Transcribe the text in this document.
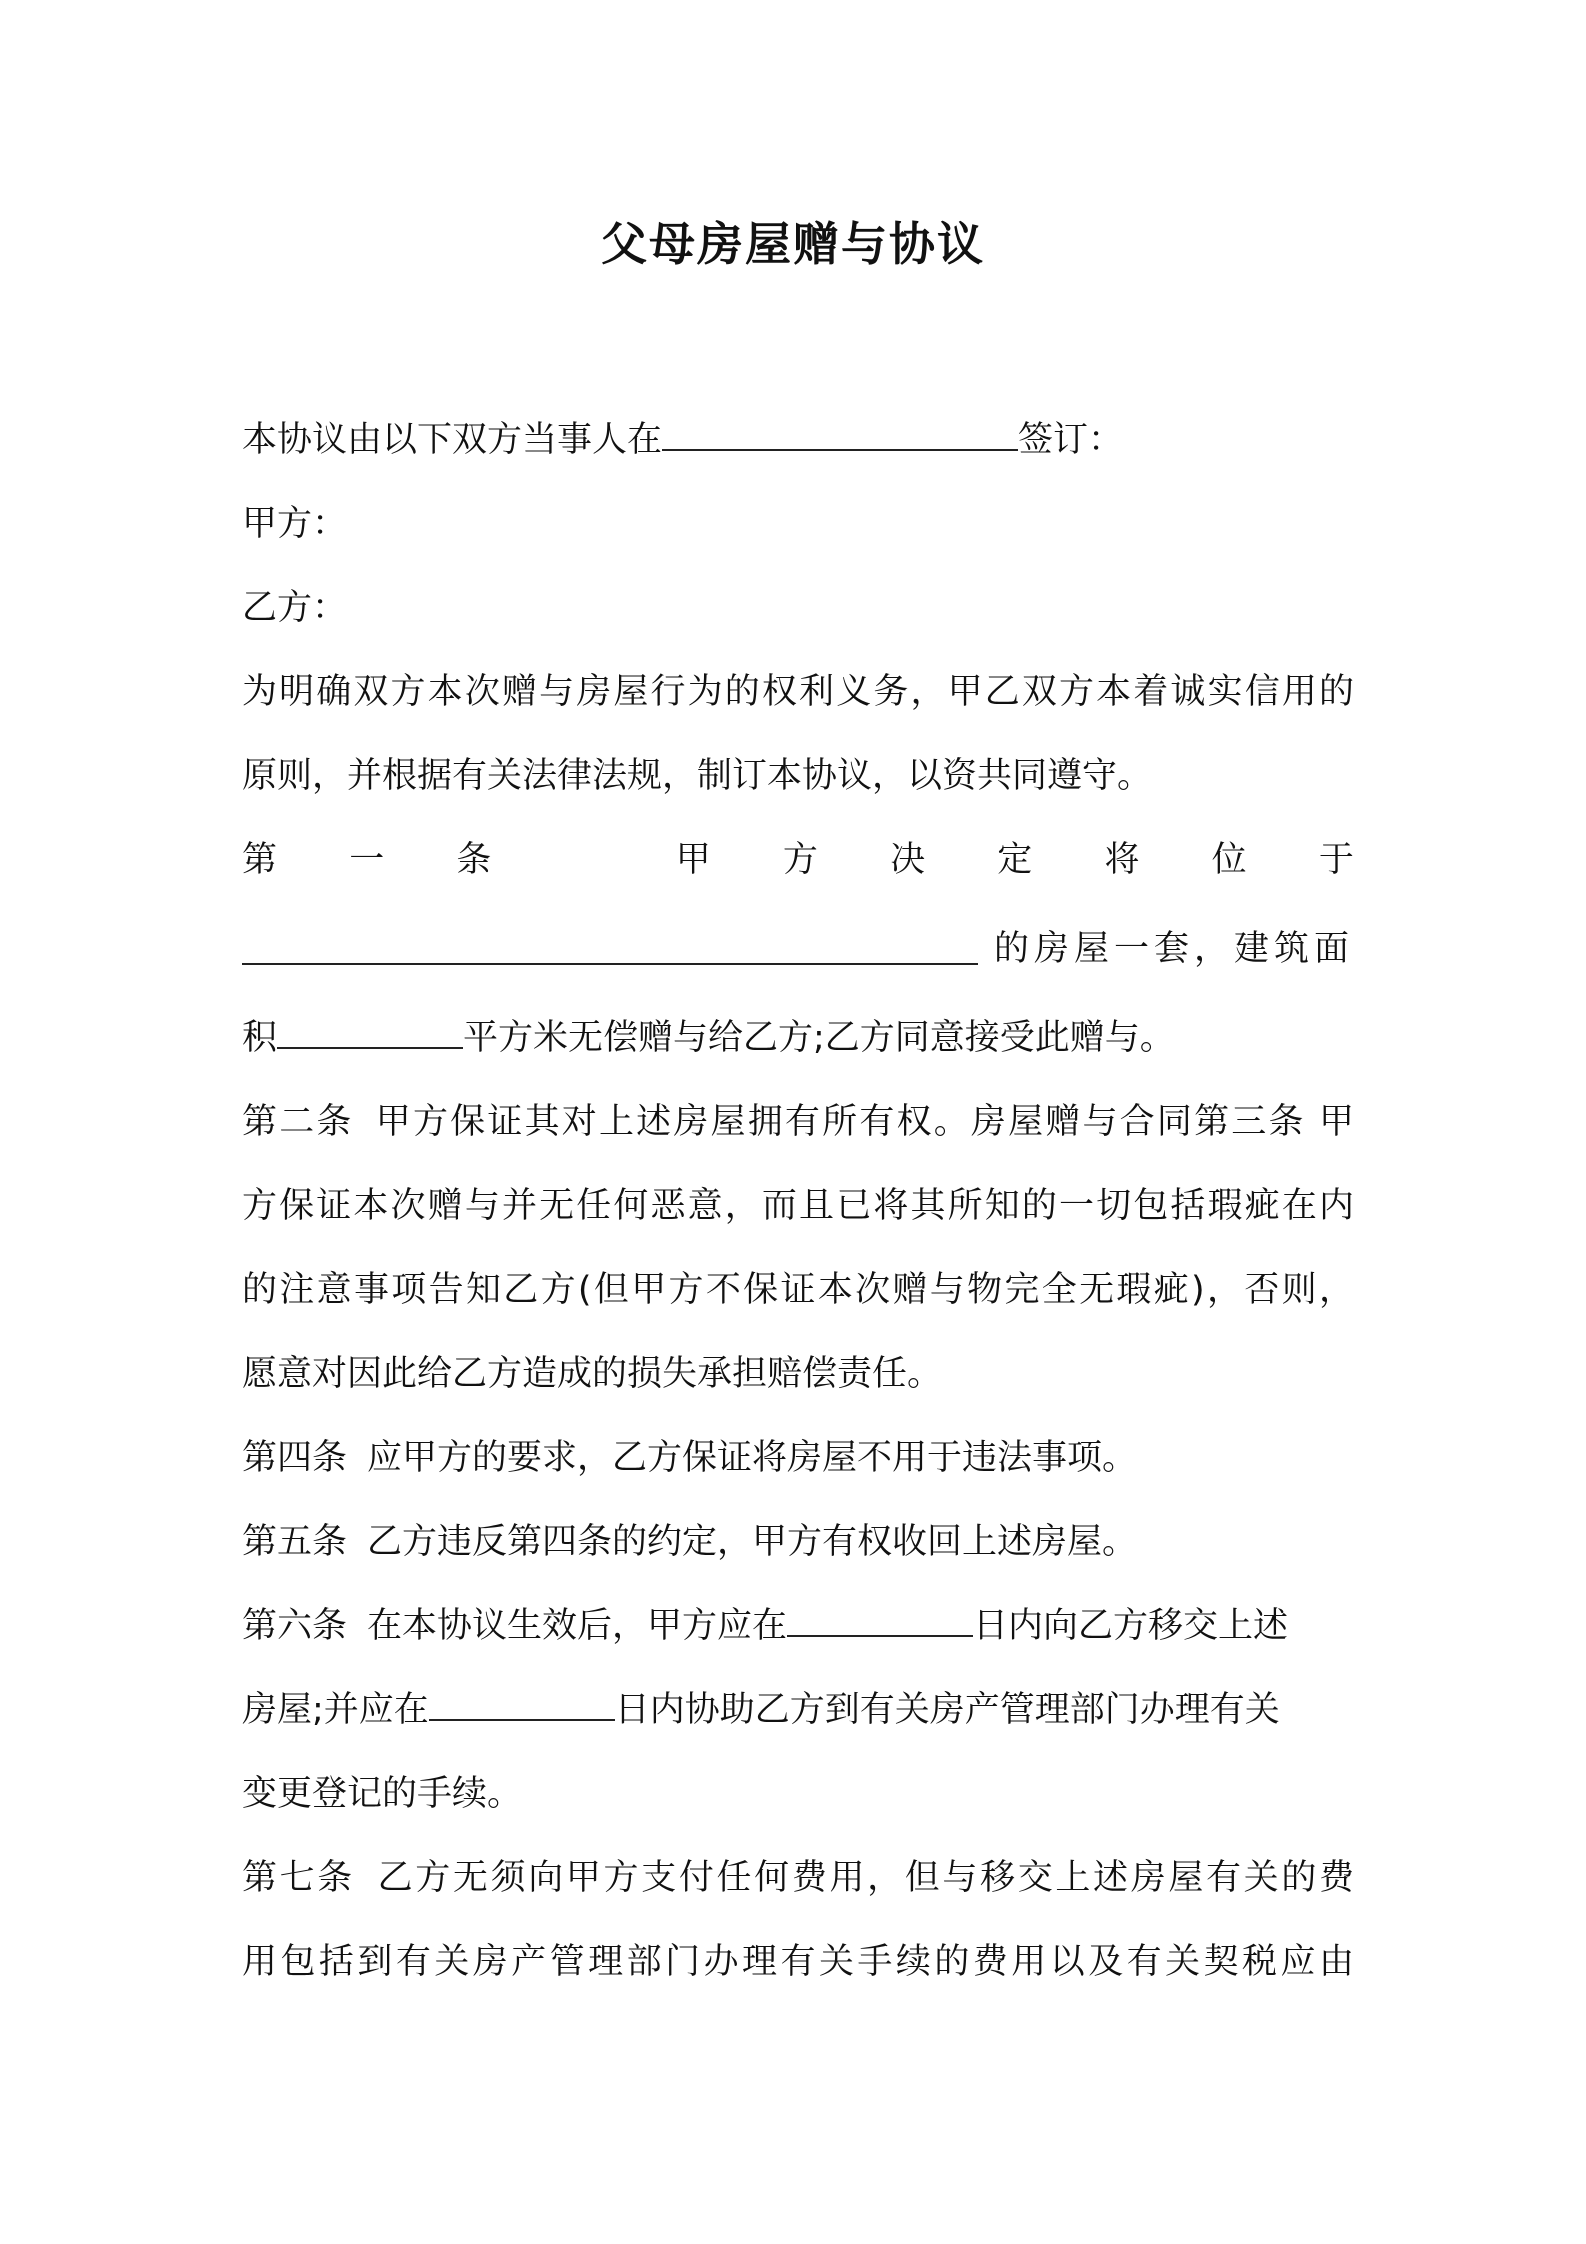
父母房屋赠与协议
本协议由以下双方当事人在	签订：
甲方：
乙方：
为明确双方本次赠与房屋行为的权利义务，甲乙双方本着诚实信用的
原则，并根据有关法律法规，制订本协议，以资共同遵守。
第 一 条	甲 方 决 定 将 位 于
的房屋一套，建筑面
积	平方米无偿赠与给乙方;乙方同意接受此赠与。
第二条 甲方保证其对上述房屋拥有所有权。房屋赠与合同第三条 甲
方保证本次赠与并无任何恶意，而且已将其所知的一切包括瑕疵在内
的注意事项告知乙方(但甲方不保证本次赠与物完全无瑕疵)，否则，
愿意对因此给乙方造成的损失承担赔偿责任。
第四条 应甲方的要求，乙方保证将房屋不用于违法事项。
第五条 乙方违反第四条的约定，甲方有权收回上述房屋。
第六条 在本协议生效后，甲方应在	日内向乙方移交上述
房屋;并应在	日内协助乙方到有关房产管理部门办理有关
变更登记的手续。
第七条 乙方无须向甲方支付任何费用，但与移交上述房屋有关的费
用包括到有关房产管理部门办理有关手续的费用以及有关契税应由
